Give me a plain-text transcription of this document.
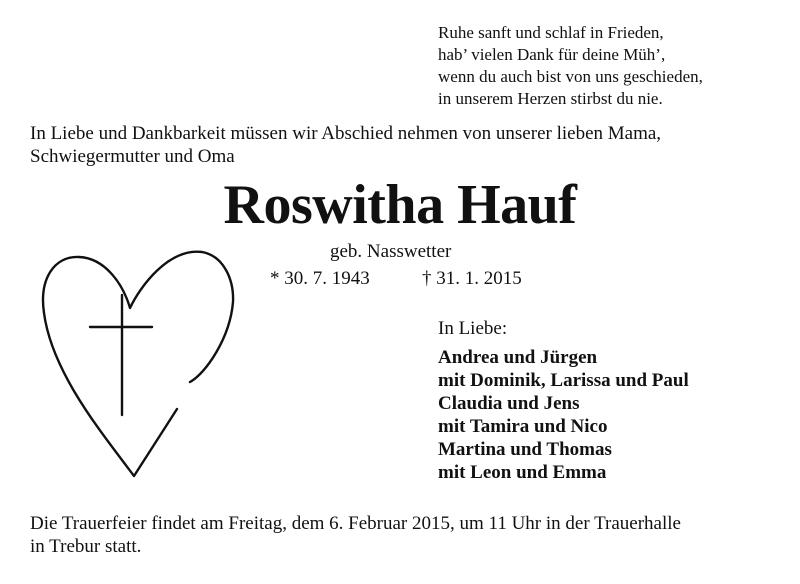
Ruhe sanft und schlaf in Frieden,
hab’ vielen Dank für deine Müh’,
wenn du auch bist von uns geschieden,
in unserem Herzen stirbst du nie.
In Liebe und Dankbarkeit müssen wir Abschied nehmen von unserer lieben Mama,
Schwiegermutter und Oma
Roswitha Hauf
geb. Nasswetter
* 30. 7. 1943	† 31. 1. 2015
In Liebe:
Andrea und Jürgen
mit Dominik, Larissa und Paul
Claudia und Jens
mit Tamira und Nico
Martina und Thomas
mit Leon und Emma
Die Trauerfeier findet am Freitag, dem 6. Februar 2015, um 11 Uhr in der Trauerhalle
in Trebur statt.
